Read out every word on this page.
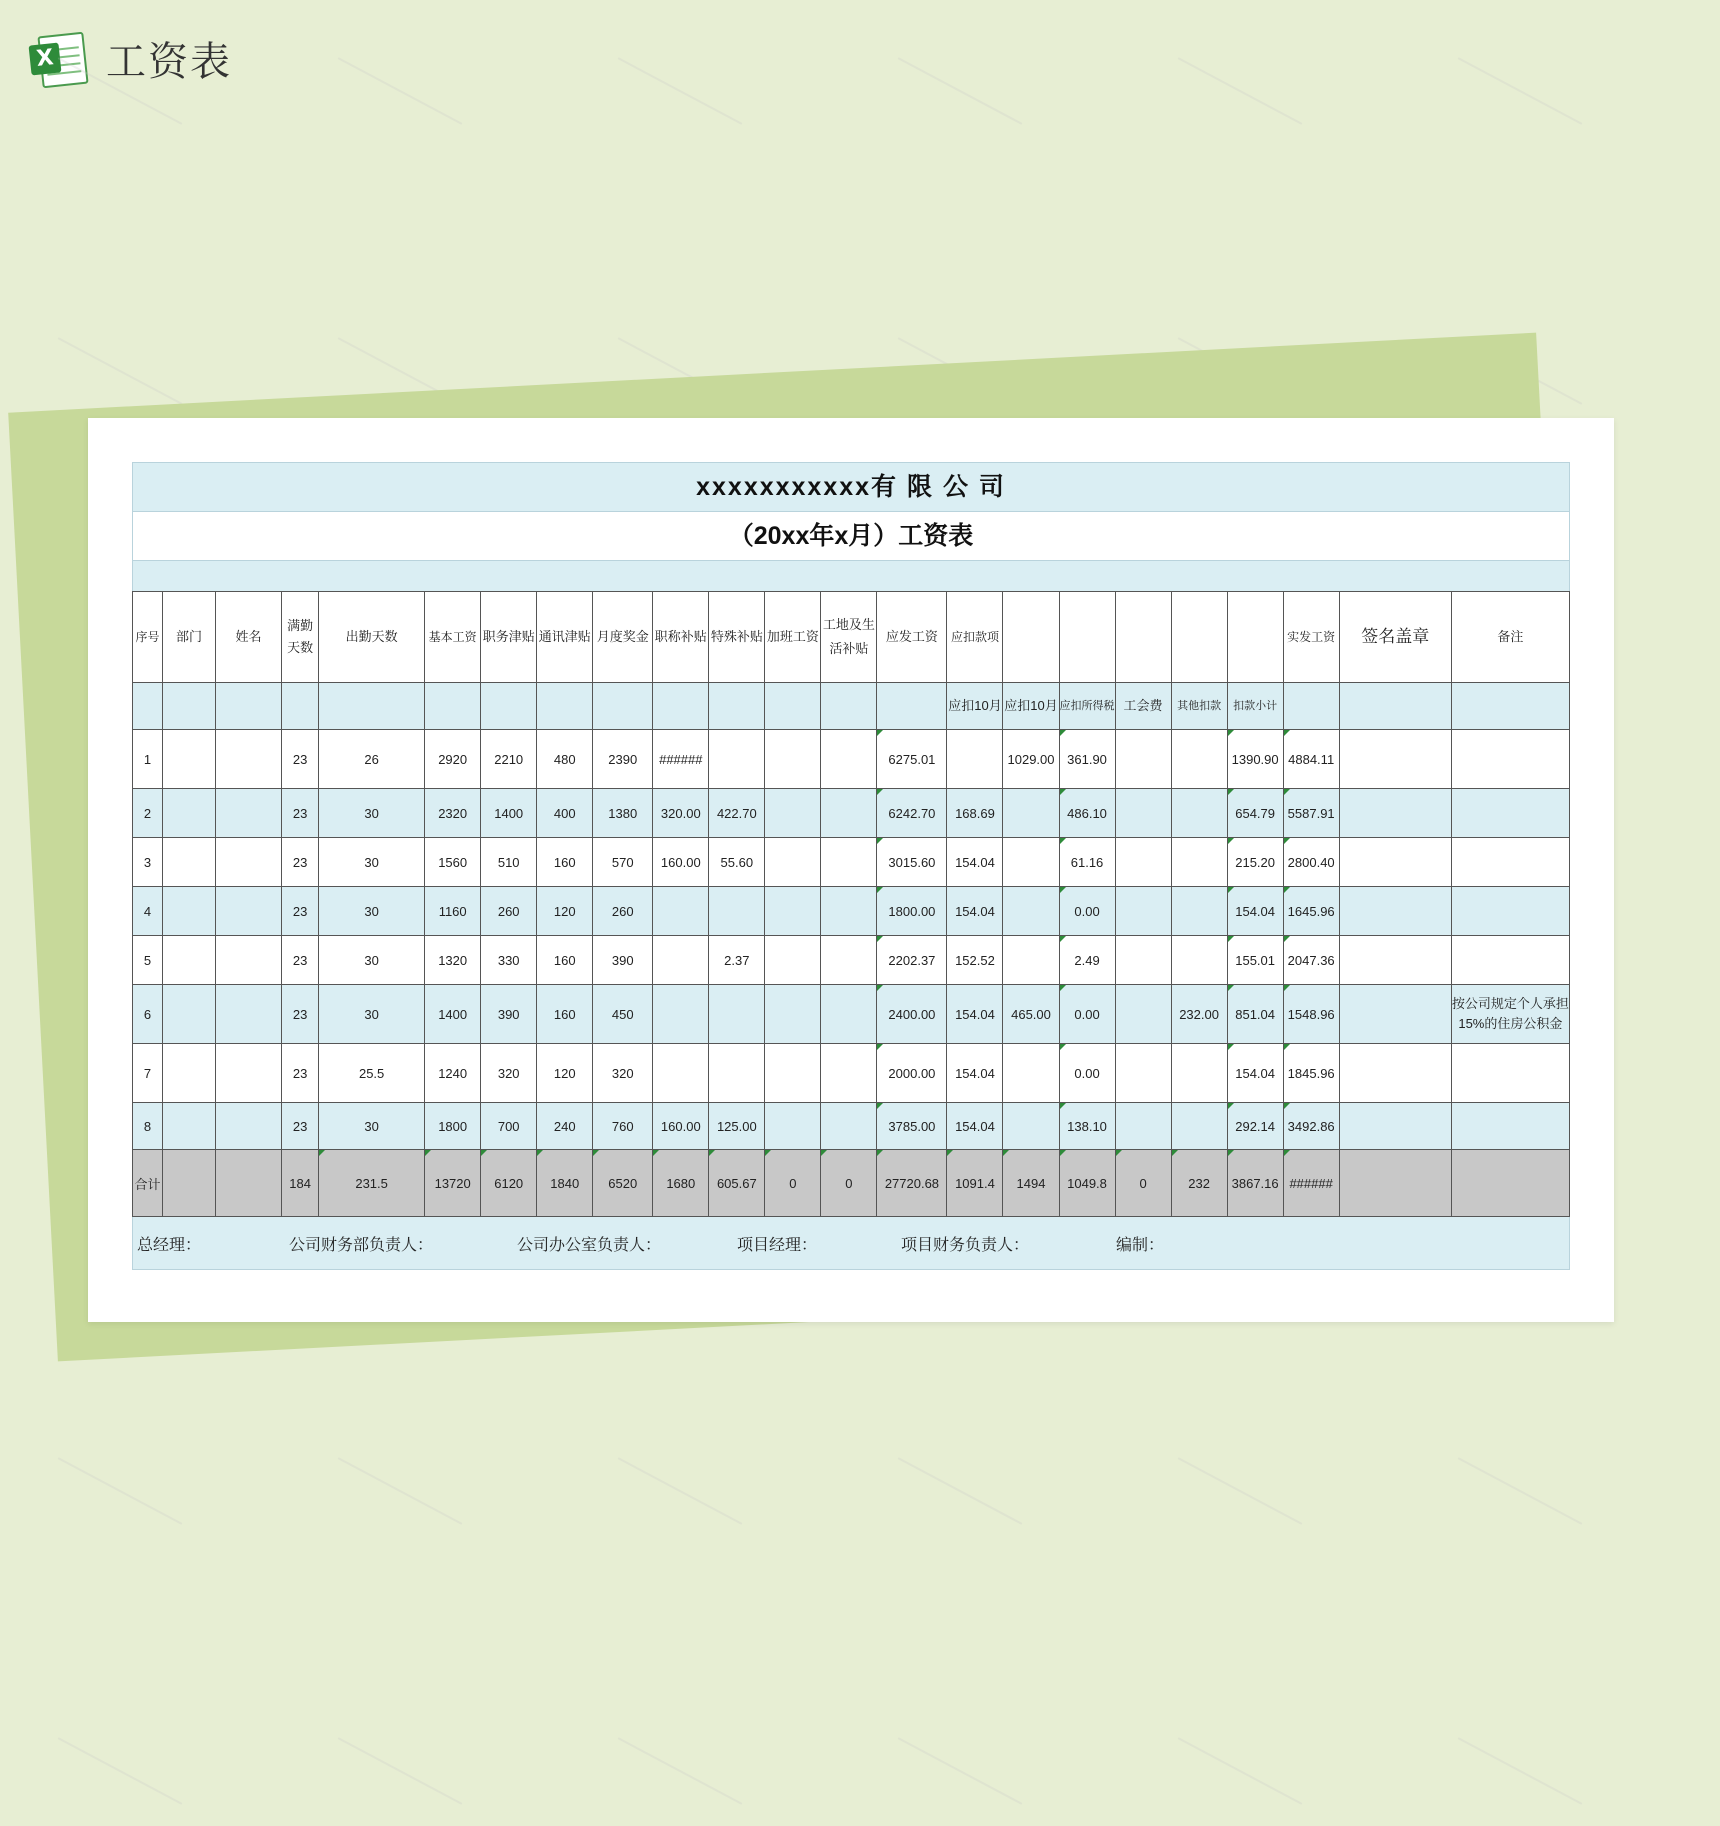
X 工资表
xxxxxxxxxxx有 限 公 司
（20xx年x月）工资表
序号	部门	姓名	满勤天数	出勤天数	基本工资	职务津贴	通讯津贴	月度奖金	职称补贴	特殊补贴	加班工资	工地及生活补贴	应发工资	应扣款项						实发工资	签名盖章	备注
														应扣10月	应扣10月	应扣所得税	工会费	其他扣款	扣款小计			
1			23	26	2920	2210	480	2390	######				6275.01		1029.00	361.90			1390.90	4884.11		
2			23	30	2320	1400	400	1380	320.00	422.70			6242.70	168.69		486.10			654.79	5587.91		
3			23	30	1560	510	160	570	160.00	55.60			3015.60	154.04		61.16			215.20	2800.40		
4			23	30	1160	260	120	260					1800.00	154.04		0.00			154.04	1645.96		
5			23	30	1320	330	160	390		2.37			2202.37	152.52		2.49			155.01	2047.36		
6			23	30	1400	390	160	450					2400.00	154.04	465.00	0.00		232.00	851.04	1548.96		按公司规定个人承担15%的住房公积金
7			23	25.5	1240	320	120	320					2000.00	154.04		0.00			154.04	1845.96		
8			23	30	1800	700	240	760	160.00	125.00			3785.00	154.04		138.10			292.14	3492.86		
合计			184	231.5	13720	6120	1840	6520	1680	605.67	0	0	27720.68	1091.4	1494	1049.8	0	232	3867.16	######		
总经理：	公司财务部负责人：	公司办公室负责人：	项目经理：	项目财务负责人：	编制：
